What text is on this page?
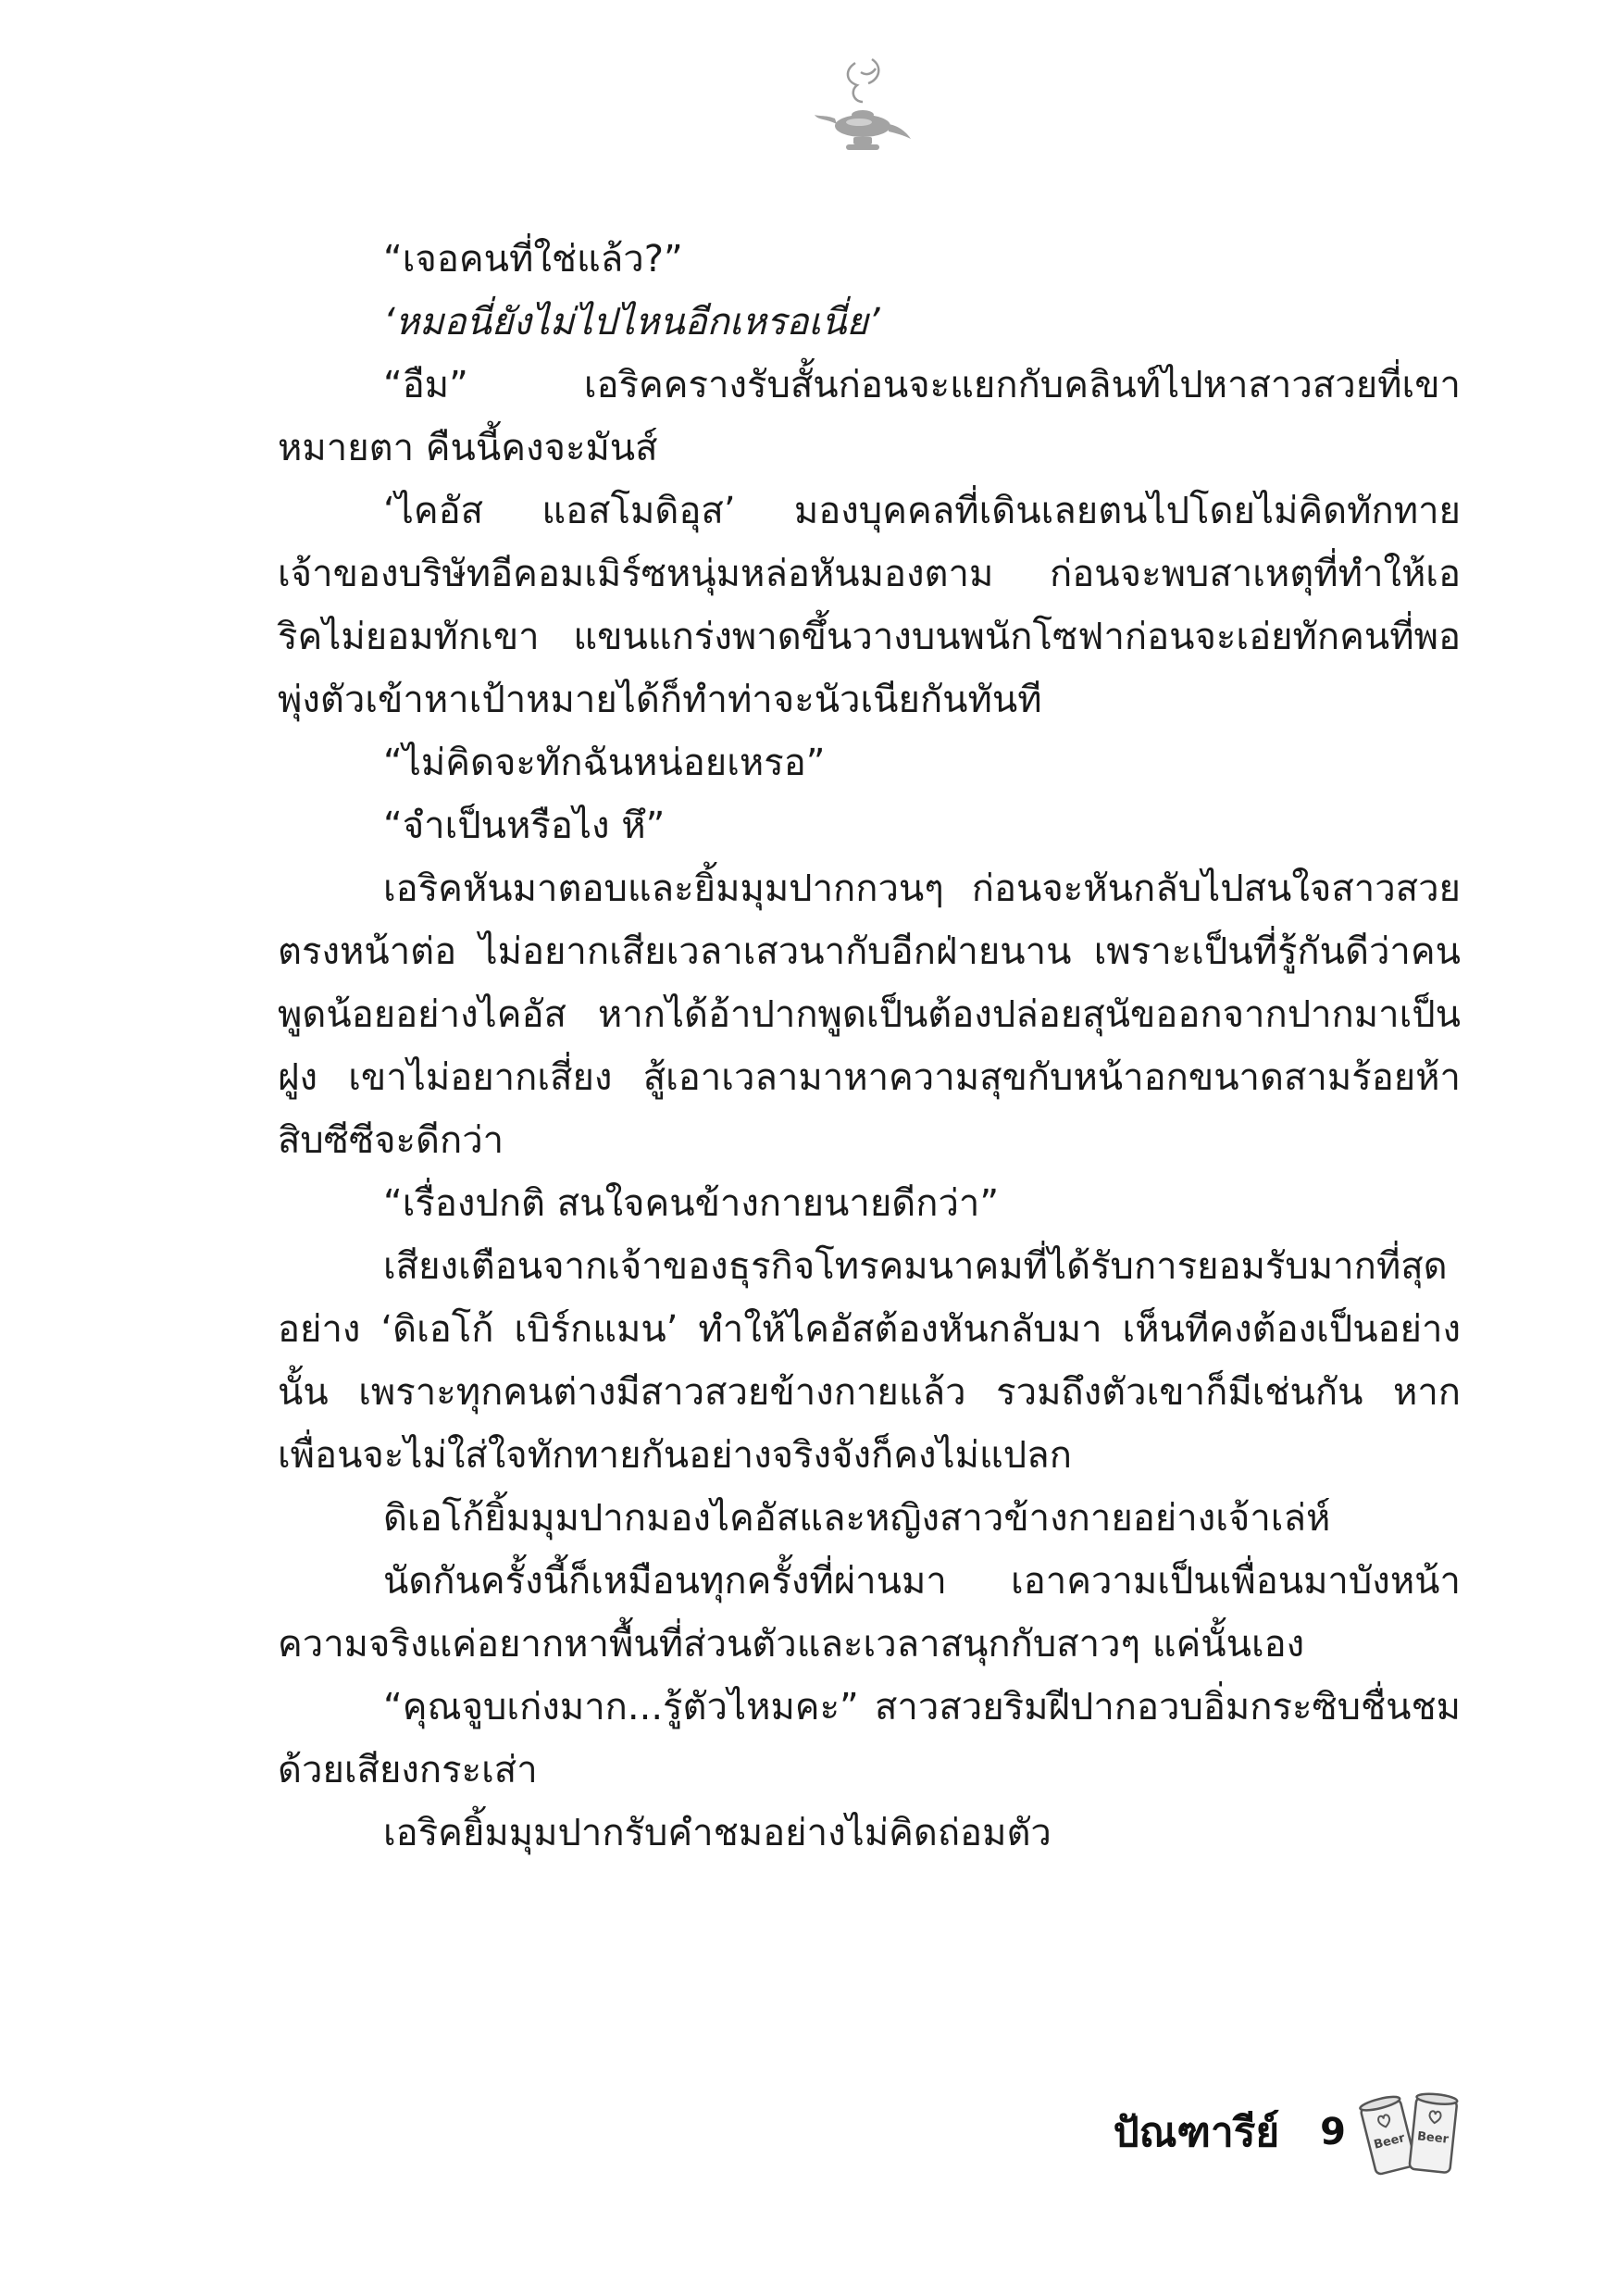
“เจอคนที่ใช่แล้ว?”

‘หมอนี่ยังไม่ไปไหนอีกเหรอเนี่ย’

“อืม” เอริคครางรับสั้นก่อนจะแยกกับคลินท์ไปหาสาวสวยที่เขาหมายตา คืนนี้คงจะมันส์

‘ไคอัส แอสโมดิอุส’ มองบุคคลที่เดินเลยตนไปโดยไม่คิดทักทาย เจ้าของบริษัทอีคอมเมิร์ซหนุ่มหล่อหันมองตาม ก่อนจะพบสาเหตุที่ทำให้เอริคไม่ยอมทักเขา แขนแกร่งพาดขึ้นวางบนพนักโซฟาก่อนจะเอ่ยทักคนที่พอพุ่งตัวเข้าหาเป้าหมายได้ก็ทำท่าจะนัวเนียกันทันที

“ไม่คิดจะทักฉันหน่อยเหรอ”

“จำเป็นหรือไง หึ”

เอริคหันมาตอบและยิ้มมุมปากกวนๆ ก่อนจะหันกลับไปสนใจสาวสวยตรงหน้าต่อ ไม่อยากเสียเวลาเสวนากับอีกฝ่ายนาน เพราะเป็นที่รู้กันดีว่าคนพูดน้อยอย่างไคอัส หากได้อ้าปากพูดเป็นต้องปล่อยสุนัขออกจากปากมาเป็นฝูง เขาไม่อยากเสี่ยง สู้เอาเวลามาหาความสุขกับหน้าอกขนาดสามร้อยห้าสิบซีซีจะดีกว่า

“เรื่องปกติ สนใจคนข้างกายนายดีกว่า”

เสียงเตือนจากเจ้าของธุรกิจโทรคมนาคมที่ได้รับการยอมรับมากที่สุดอย่าง ‘ดิเอโก้ เบิร์กแมน’ ทำให้ไคอัสต้องหันกลับมา เห็นทีคงต้องเป็นอย่างนั้น เพราะทุกคนต่างมีสาวสวยข้างกายแล้ว รวมถึงตัวเขาก็มีเช่นกัน หากเพื่อนจะไม่ใส่ใจทักทายกันอย่างจริงจังก็คงไม่แปลก

ดิเอโก้ยิ้มมุมปากมองไคอัสและหญิงสาวข้างกายอย่างเจ้าเล่ห์

นัดกันครั้งนี้ก็เหมือนทุกครั้งที่ผ่านมา เอาความเป็นเพื่อนมาบังหน้า ความจริงแค่อยากหาพื้นที่ส่วนตัวและเวลาสนุกกับสาวๆ แค่นั้นเอง

“คุณจูบเก่งมาก...รู้ตัวไหมคะ” สาวสวยริมฝีปากอวบอิ่มกระซิบชื่นชมด้วยเสียงกระเส่า

เอริคยิ้มมุมปากรับคำชมอย่างไม่คิดถ่อมตัว

ปัณฑารีย์ 9 Beer Beer
